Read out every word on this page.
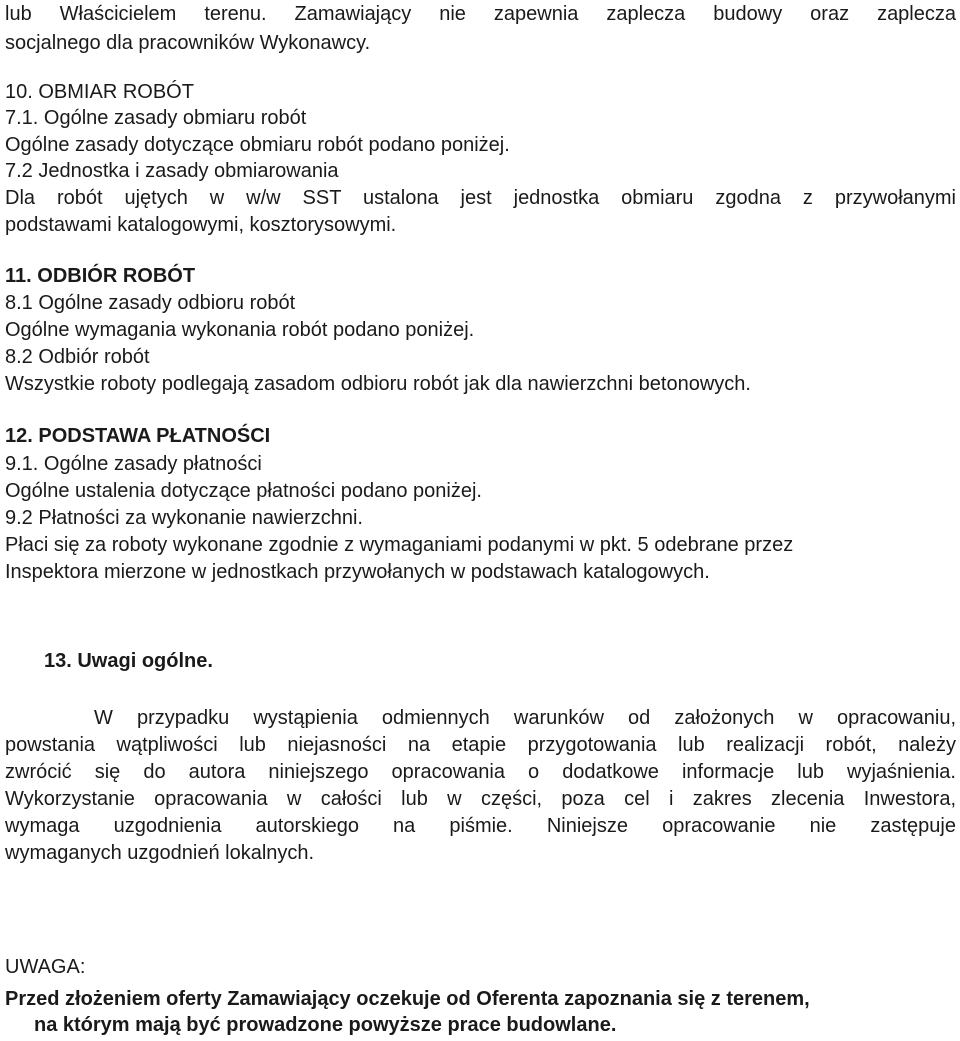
lub Właścicielem terenu. Zamawiający nie zapewnia zaplecza budowy oraz zaplecza

socjalnego dla pracowników Wykonawcy.

10. OBMIAR ROBÓT

7.1. Ogólne zasady obmiaru robót

Ogólne zasady dotyczące obmiaru robót podano poniżej.

7.2 Jednostka i zasady obmiarowania

Dla robót ujętych w w/w SST ustalona jest jednostka obmiaru zgodna z przywołanymi

podstawami katalogowymi, kosztorysowymi.

11. ODBIÓR ROBÓT

8.1 Ogólne zasady odbioru robót

Ogólne wymagania wykonania robót podano poniżej.

8.2 Odbiór robót

Wszystkie roboty podlegają zasadom odbioru robót jak dla nawierzchni betonowych.

12. PODSTAWA PŁATNOŚCI

9.1. Ogólne zasady płatności

Ogólne ustalenia dotyczące płatności podano poniżej.

9.2 Płatności za wykonanie nawierzchni.

Płaci się za roboty wykonane zgodnie z wymaganiami podanymi w pkt. 5 odebrane przez

Inspektora mierzone w jednostkach przywołanych w podstawach katalogowych.

13. Uwagi ogólne.

W przypadku wystąpienia odmiennych warunków od założonych w opracowaniu,

powstania wątpliwości lub niejasności na etapie przygotowania lub realizacji robót, należy

zwrócić się do autora niniejszego opracowania o dodatkowe informacje lub wyjaśnienia.

Wykorzystanie opracowania w całości lub w części, poza cel i zakres zlecenia Inwestora,

wymaga uzgodnienia autorskiego na piśmie. Niniejsze opracowanie nie zastępuje

wymaganych uzgodnień lokalnych.

UWAGA:

Przed złożeniem oferty Zamawiający oczekuje od Oferenta zapoznania się z terenem,

na którym mają być prowadzone powyższe prace budowlane.
